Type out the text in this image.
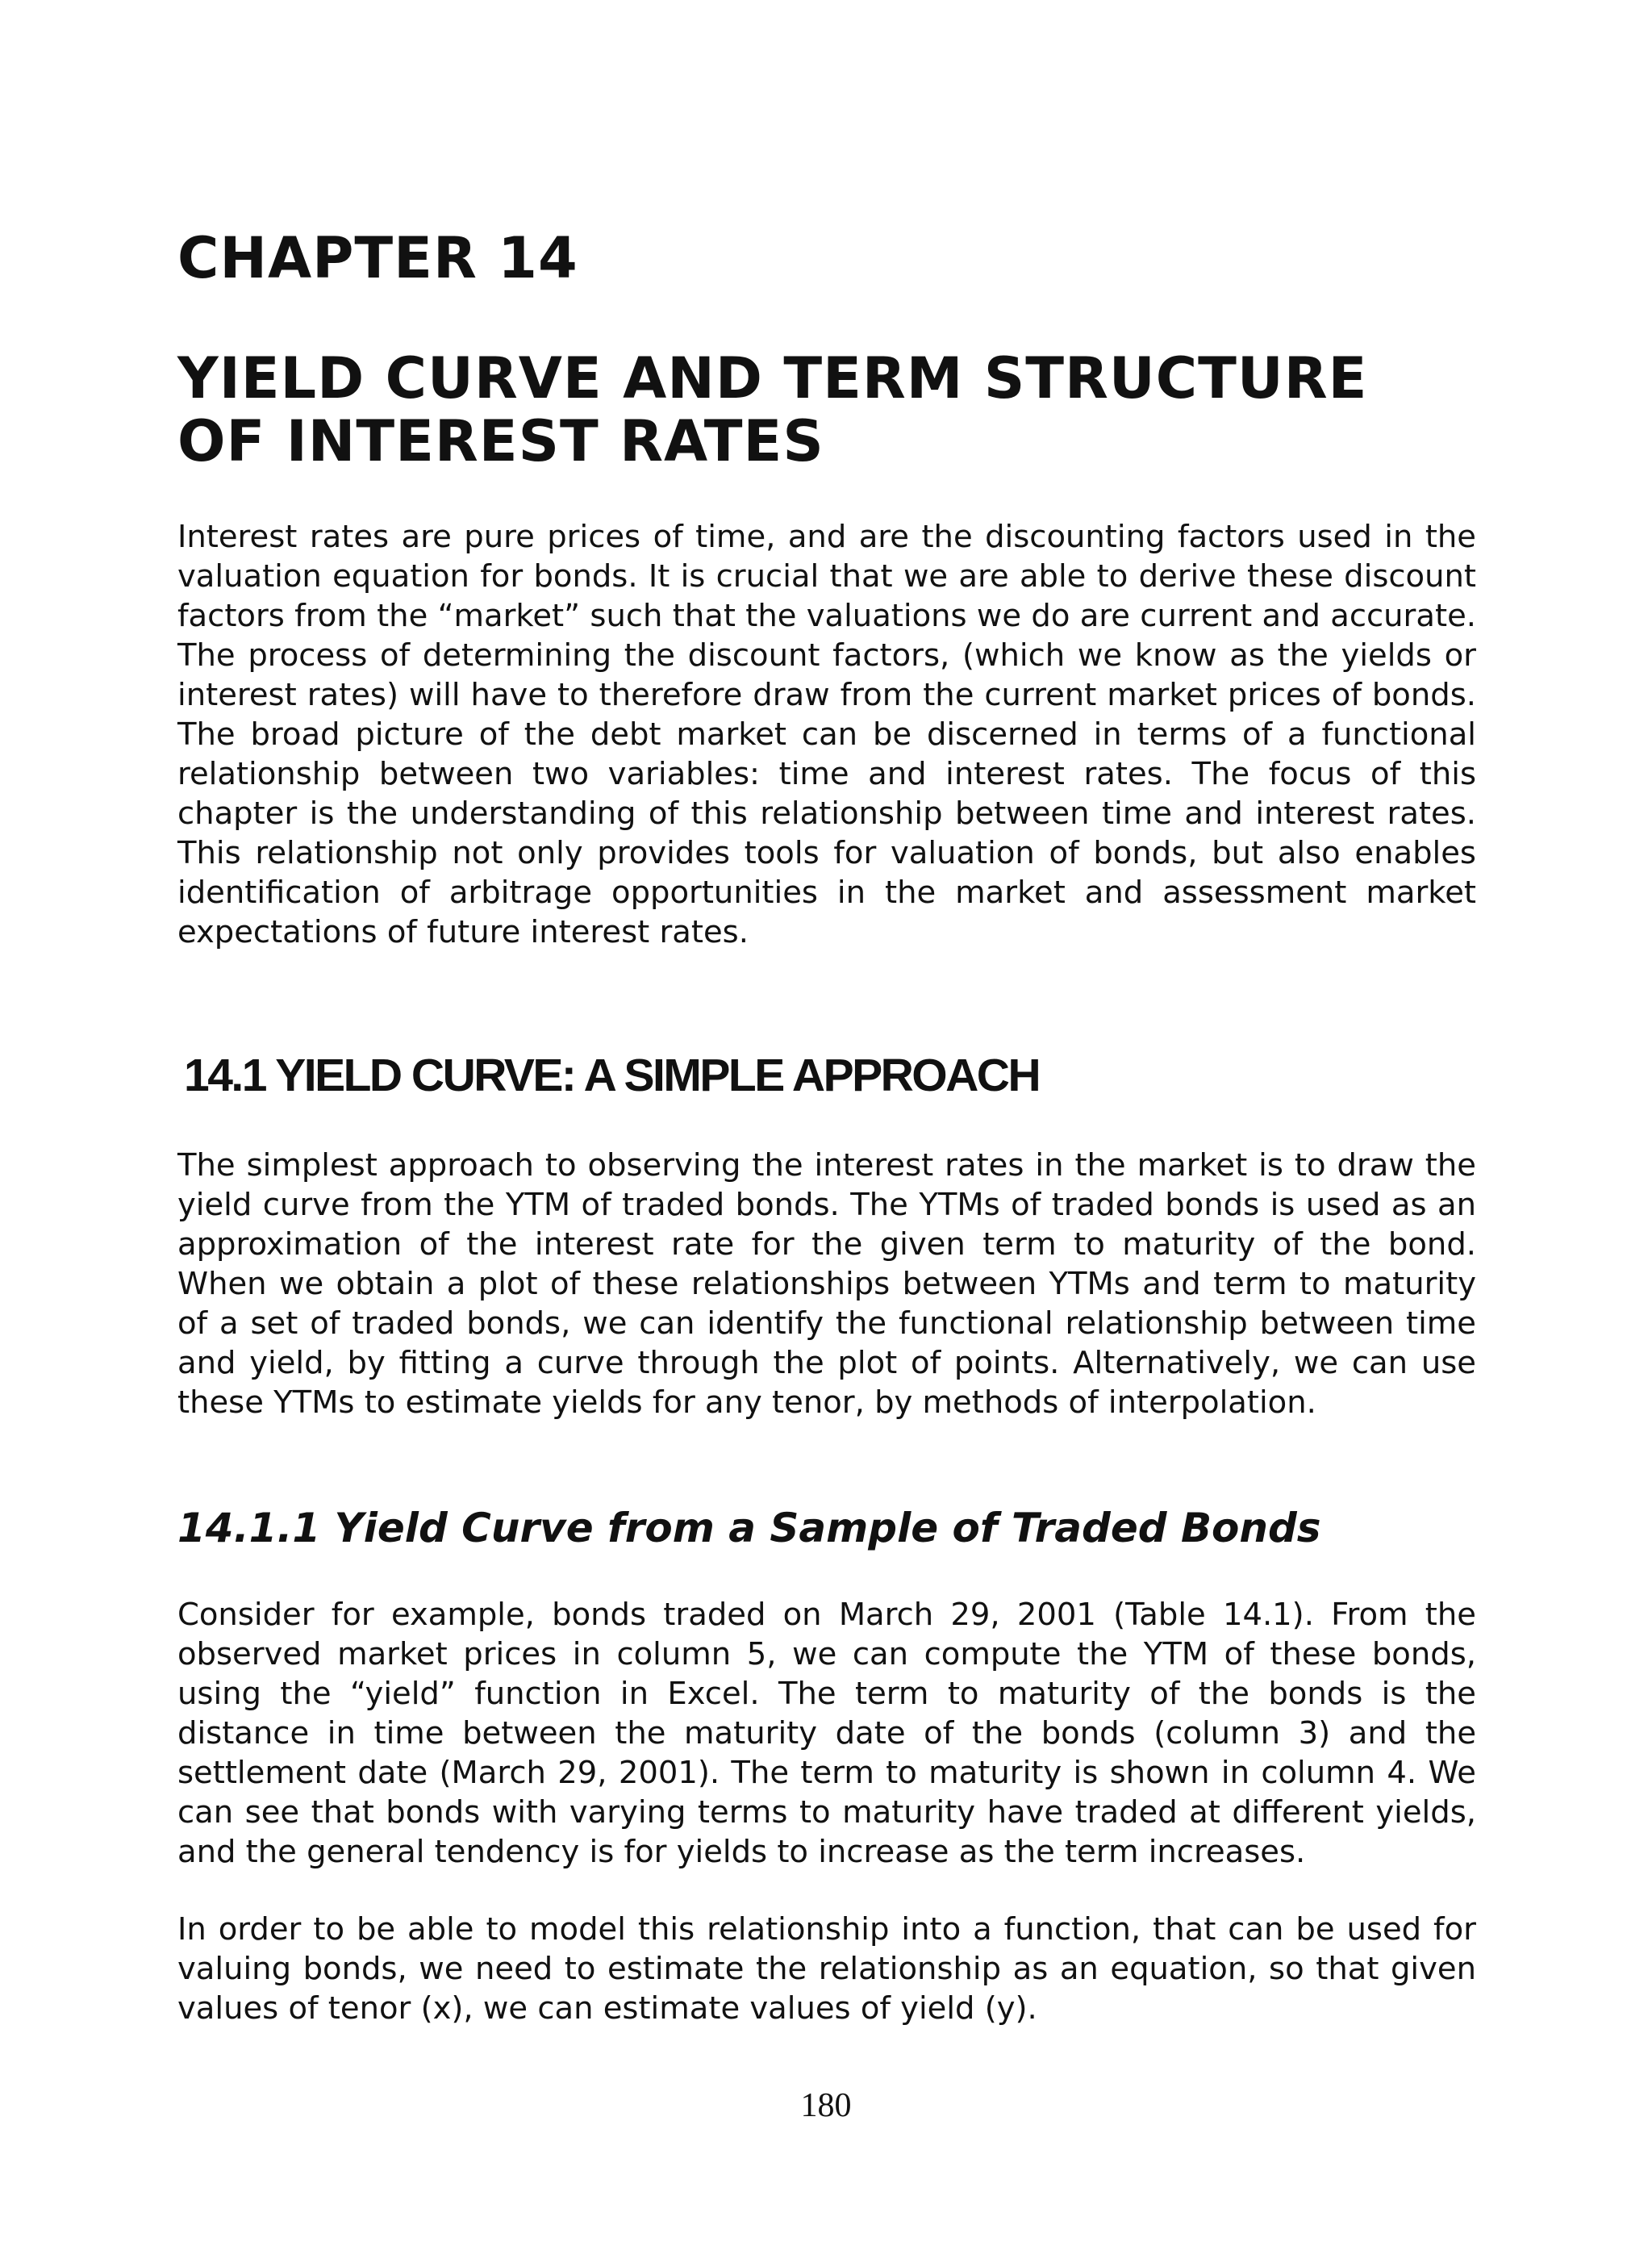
CHAPTER 14
YIELD CURVE AND TERM STRUCTURE
OF INTEREST RATES

Interest rates are pure prices of time, and are the discounting factors used in the valuation equation for bonds. It is crucial that we are able to derive these discount factors from the “market” such that the valuations we do are current and accurate. The process of determining the discount factors, (which we know as the yields or interest rates) will have to therefore draw from the current market prices of bonds. The broad picture of the debt market can be discerned in terms of a functional relationship between two variables: time and interest rates. The focus of this chapter is the understanding of this relationship between time and interest rates. This relationship not only provides tools for valuation of bonds, but also enables identification of arbitrage opportunities in the market and assessment market expectations of future interest rates.

14.1 YIELD CURVE: A SIMPLE APPROACH

The simplest approach to observing the interest rates in the market is to draw the yield curve from the YTM of traded bonds. The YTMs of traded bonds is used as an approximation of the interest rate for the given term to maturity of the bond. When we obtain a plot of these relationships between YTMs and term to maturity of a set of traded bonds, we can identify the functional relationship between time and yield, by fitting a curve through the plot of points. Alternatively, we can use these YTMs to estimate yields for any tenor, by methods of interpolation.

14.1.1 Yield Curve from a Sample of Traded Bonds

Consider for example, bonds traded on March 29, 2001 (Table 14.1). From the observed market prices in column 5, we can compute the YTM of these bonds, using the “yield” function in Excel. The term to maturity of the bonds is the distance in time between the maturity date of the bonds (column 3) and the settlement date (March 29, 2001). The term to maturity is shown in column 4. We can see that bonds with varying terms to maturity have traded at different yields, and the general tendency is for yields to increase as the term increases.

In order to be able to model this relationship into a function, that can be used for valuing bonds, we need to estimate the relationship as an equation, so that given values of tenor (x), we can estimate values of yield (y).

180
